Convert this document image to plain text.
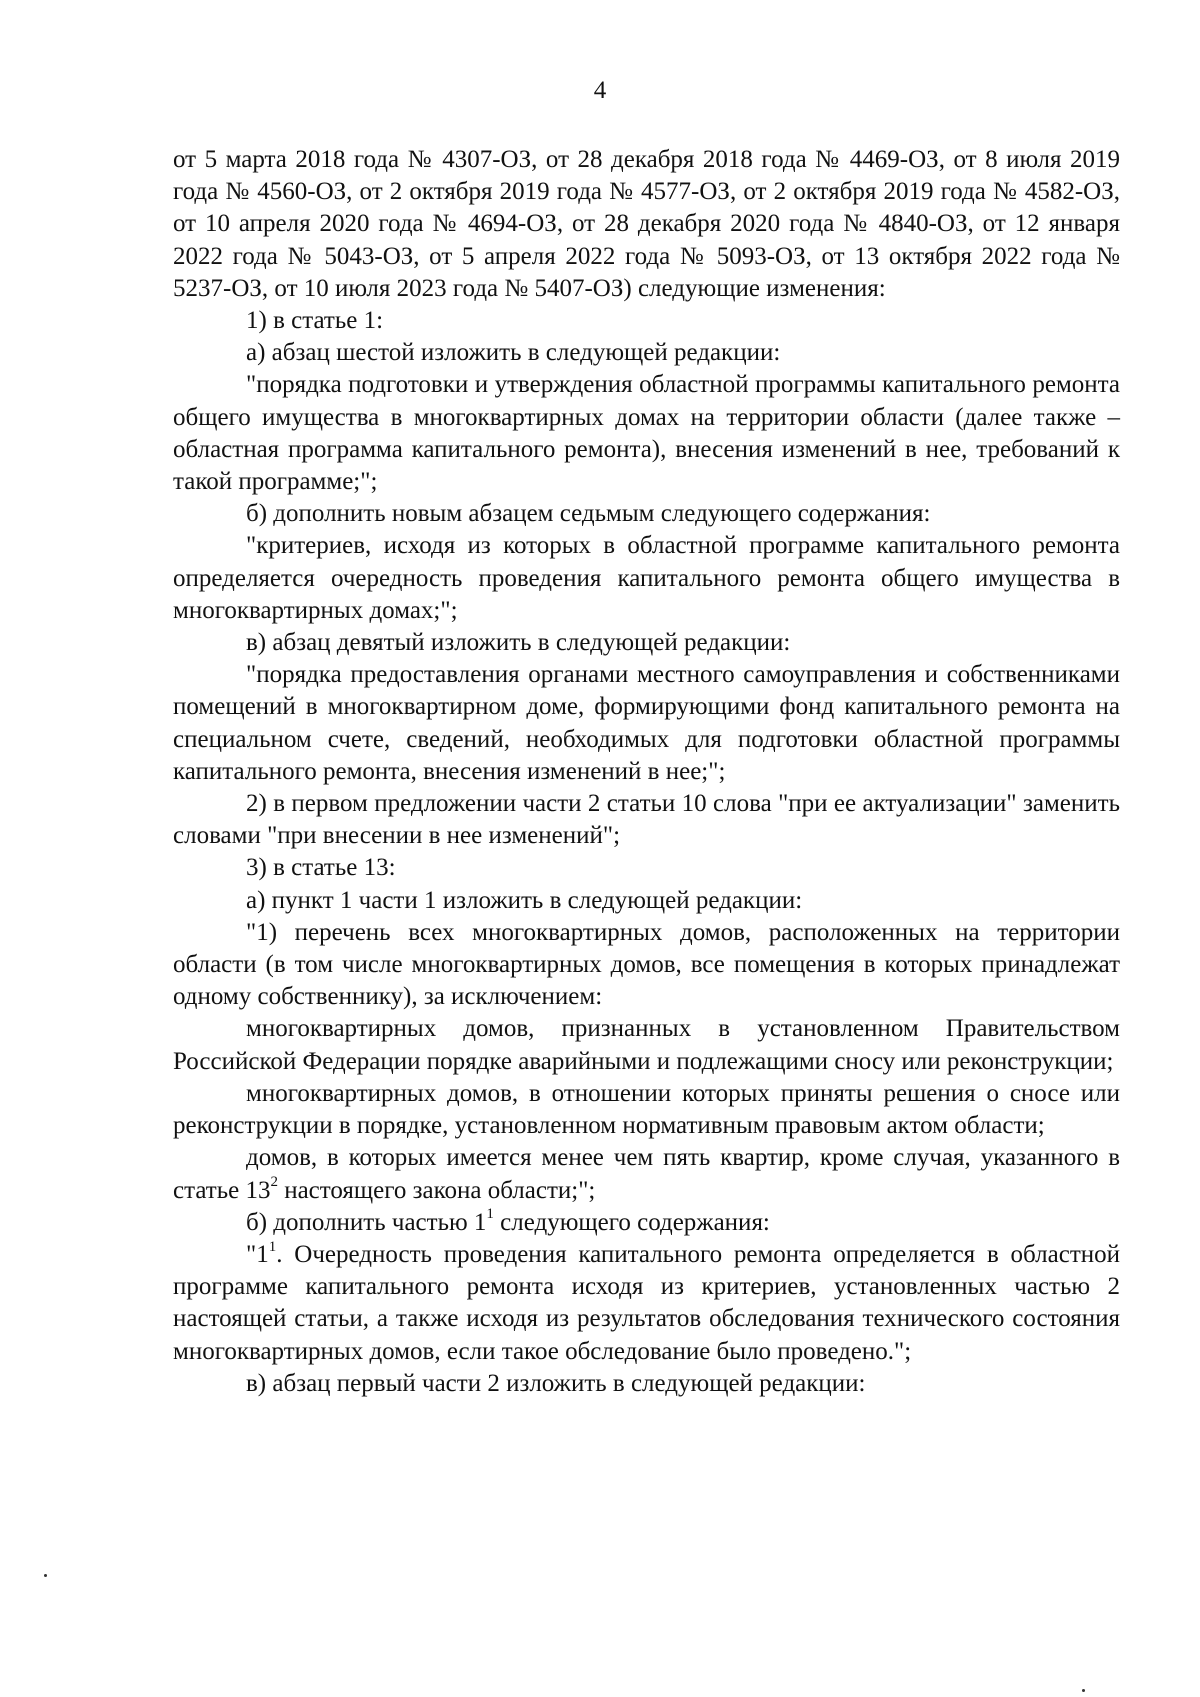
4

от 5 марта 2018 года № 4307-ОЗ, от 28 декабря 2018 года № 4469-ОЗ, от 8 июля 2019 года № 4560-ОЗ, от 2 октября 2019 года № 4577-ОЗ, от 2 октября 2019 года № 4582-ОЗ, от 10 апреля 2020 года № 4694-ОЗ, от 28 декабря 2020 года № 4840-ОЗ, от 12 января 2022 года № 5043-ОЗ, от 5 апреля 2022 года № 5093-ОЗ, от 13 октября 2022 года № 5237-ОЗ, от 10 июля 2023 года № 5407-ОЗ) следующие изменения:

1) в статье 1:

а) абзац шестой изложить в следующей редакции:

"порядка подготовки и утверждения областной программы капитального ремонта общего имущества в многоквартирных домах на территории области (далее также – областная программа капитального ремонта), внесения изменений в нее, требований к такой программе;";

б) дополнить новым абзацем седьмым следующего содержания:

"критериев, исходя из которых в областной программе капитального ремонта определяется очередность проведения капитального ремонта общего имущества в многоквартирных домах;";

в) абзац девятый изложить в следующей редакции:

"порядка предоставления органами местного самоуправления и собственниками помещений в многоквартирном доме, формирующими фонд капитального ремонта на специальном счете, сведений, необходимых для подготовки областной программы капитального ремонта, внесения изменений в нее;";

2) в первом предложении части 2 статьи 10 слова "при ее актуализации" заменить словами "при внесении в нее изменений";

3) в статье 13:

а) пункт 1 части 1 изложить в следующей редакции:

"1) перечень всех многоквартирных домов, расположенных на территории области (в том числе многоквартирных домов, все помещения в которых принадлежат одному собственнику), за исключением:

многоквартирных домов, признанных в установленном Правительством Российской Федерации порядке аварийными и подлежащими сносу или реконструкции;

многоквартирных домов, в отношении которых приняты решения о сносе или реконструкции в порядке, установленном нормативным правовым актом области;

домов, в которых имеется менее чем пять квартир, кроме случая, указанного в статье $13^2$ настоящего закона области;";

б) дополнить частью $1^1$ следующего содержания:

"$1^1$. Очередность проведения капитального ремонта определяется в областной программе капитального ремонта исходя из критериев, установленных частью 2 настоящей статьи, а также исходя из результатов обследования технического состояния многоквартирных домов, если такое обследование было проведено.";

в) абзац первый части 2 изложить в следующей редакции:
